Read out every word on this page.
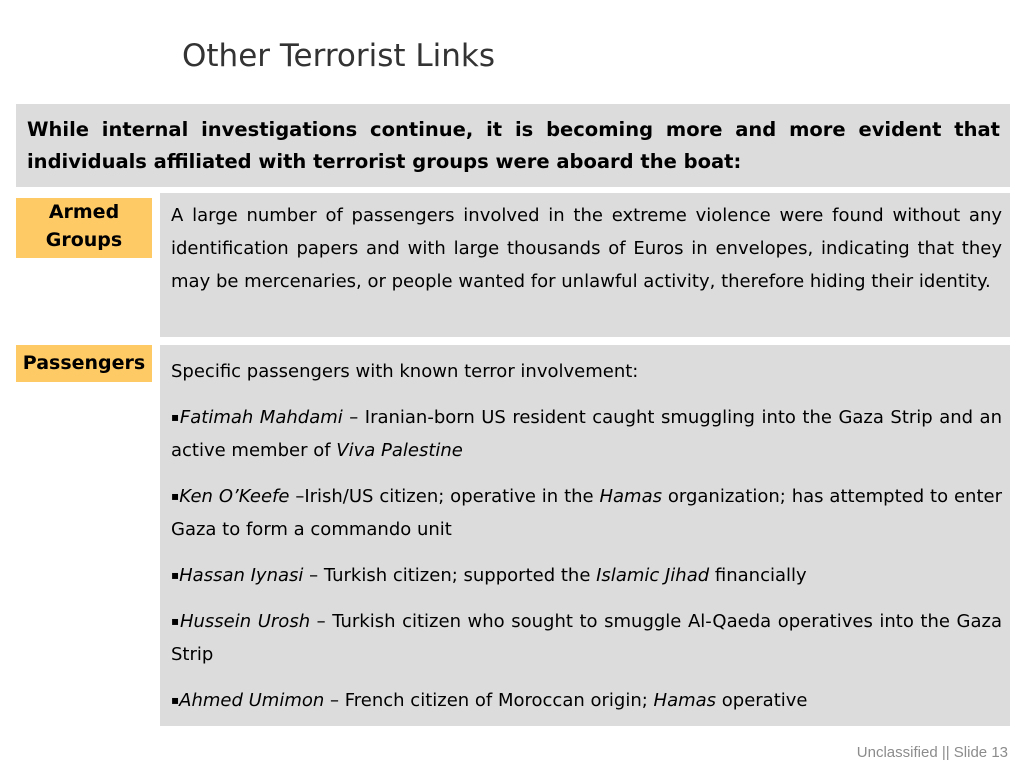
Other Terrorist Links
While internal investigations continue, it is becoming more and more evident that individuals affiliated with terrorist groups were aboard the boat:
Armed Groups

A large number of passengers involved in the extreme violence were found without any identification papers and with large thousands of Euros in envelopes, indicating that they may be mercenaries, or people wanted for unlawful activity, therefore hiding their identity.

Passengers	Specific passengers with known terror involvement:

▪Fatimah Mahdami – Iranian-born US resident caught smuggling into the Gaza Strip and an active member of Viva Palestine

▪Ken O’Keefe –Irish/US citizen; operative in the Hamas organization; has attempted to enter Gaza to form a commando unit

▪Hassan Iynasi – Turkish citizen; supported the Islamic Jihad financially

▪Hussein Urosh – Turkish citizen who sought to smuggle Al-Qaeda operatives into the Gaza Strip

▪Ahmed Umimon – French citizen of Moroccan origin; Hamas operative

Unclassified || Slide 13
